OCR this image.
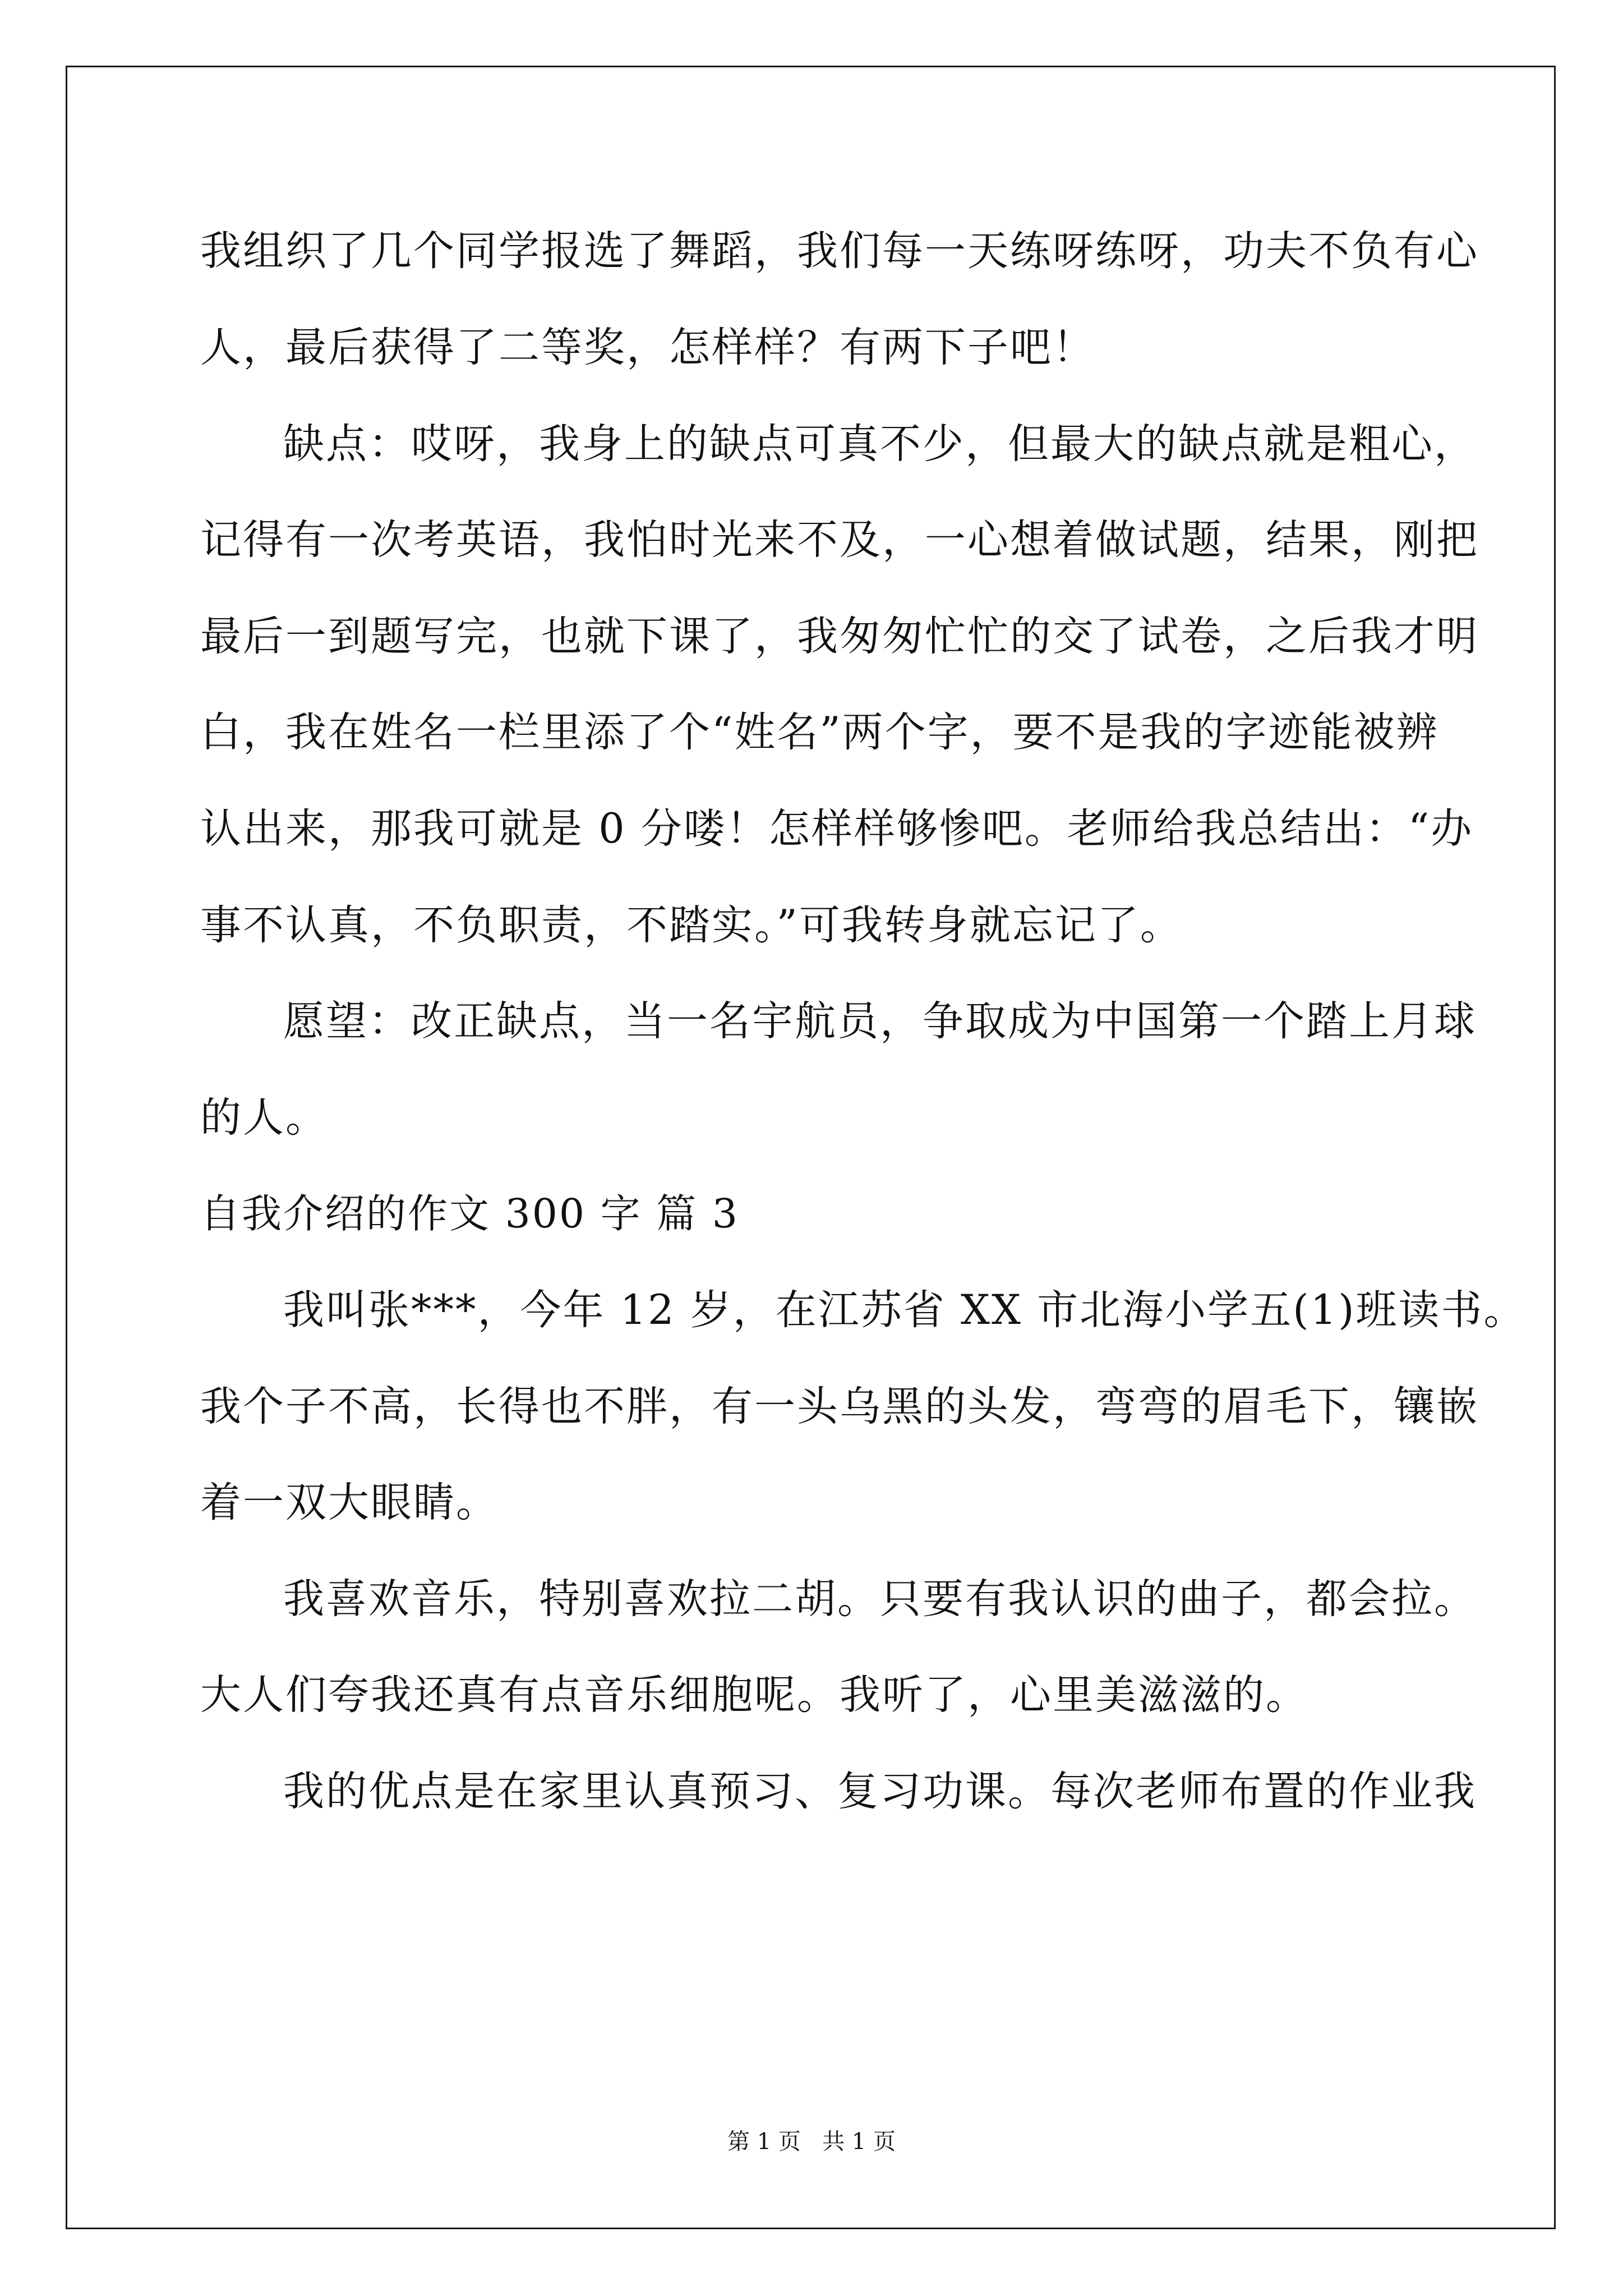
我组织了几个同学报选了舞蹈，我们每一天练呀练呀，功夫不负有心
人，最后获得了二等奖，怎样样？有两下子吧！
缺点：哎呀，我身上的缺点可真不少，但最大的缺点就是粗心，
记得有一次考英语，我怕时光来不及，一心想着做试题，结果，刚把
最后一到题写完，也就下课了，我匆匆忙忙的交了试卷，之后我才明
白，我在姓名一栏里添了个“姓名”两个字，要不是我的字迹能被辨
认出来，那我可就是 0 分喽！怎样样够惨吧。老师给我总结出：“办
事不认真，不负职责，不踏实。”可我转身就忘记了。
愿望：改正缺点，当一名宇航员，争取成为中国第一个踏上月球
的人。
自我介绍的作文 300 字 篇 3
我叫张***，今年 12 岁，在江苏省 XX 市北海小学五(1)班读书。
我个子不高，长得也不胖，有一头乌黑的头发，弯弯的眉毛下，镶嵌
着一双大眼睛。
我喜欢音乐，特别喜欢拉二胡。只要有我认识的曲子，都会拉。
大人们夸我还真有点音乐细胞呢。我听了，心里美滋滋的。
我的优点是在家里认真预习、复习功课。每次老师布置的作业我
第 1 页   共 1 页
